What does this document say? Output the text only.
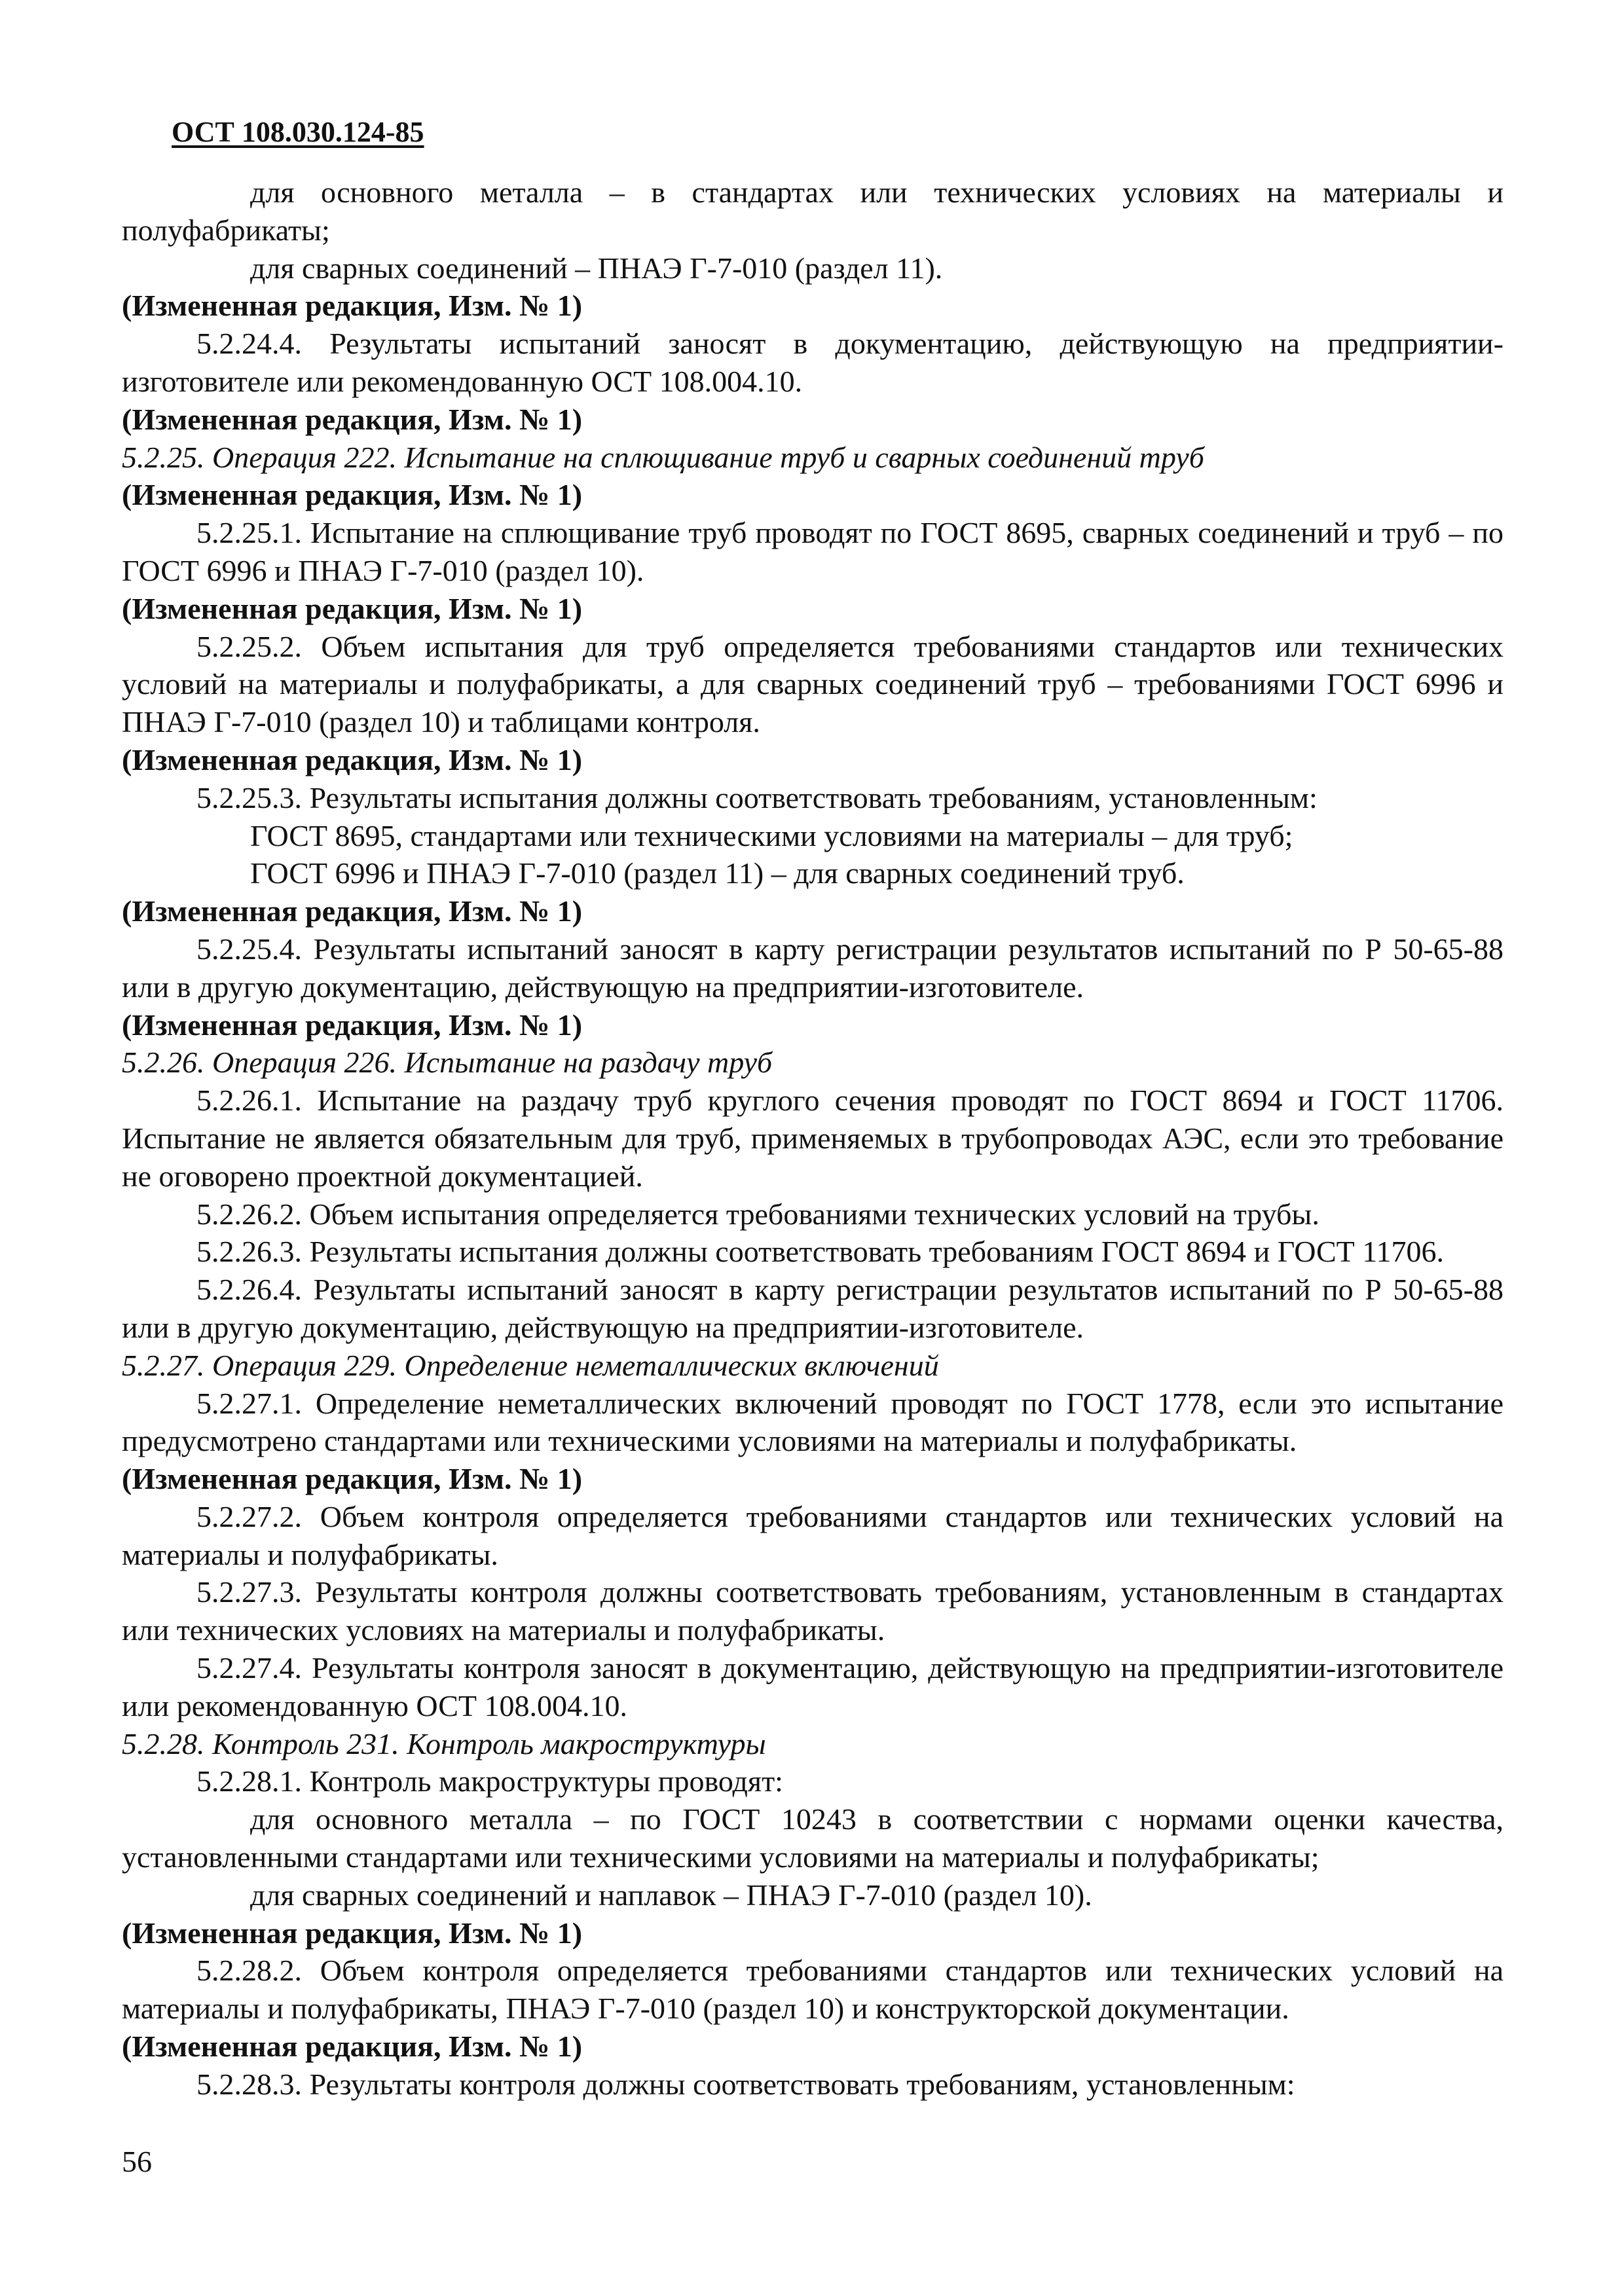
ОСТ 108.030.124-85

для основного металла – в стандартах или технических условиях на материалы и полуфабрикаты;

для сварных соединений – ПНАЭ Г-7-010 (раздел 11).

(Измененная редакция, Изм. № 1)

5.2.24.4. Результаты испытаний заносят в документацию, действующую на предприятии-изготовителе или рекомендованную ОСТ 108.004.10.

(Измененная редакция, Изм. № 1)

5.2.25. Операция 222. Испытание на сплющивание труб и сварных соединений труб

(Измененная редакция, Изм. № 1)

5.2.25.1. Испытание на сплющивание труб проводят по ГОСТ 8695, сварных соединений и труб – по ГОСТ 6996 и ПНАЭ Г-7-010 (раздел 10).

(Измененная редакция, Изм. № 1)

5.2.25.2. Объем испытания для труб определяется требованиями стандартов или технических условий на материалы и полуфабрикаты, а для сварных соединений труб – требованиями ГОСТ 6996 и ПНАЭ Г-7-010 (раздел 10) и таблицами контроля.

(Измененная редакция, Изм. № 1)

5.2.25.3. Результаты испытания должны соответствовать требованиям, установленным:

ГОСТ 8695, стандартами или техническими условиями на материалы – для труб;

ГОСТ 6996 и ПНАЭ Г-7-010 (раздел 11) – для сварных соединений труб.

(Измененная редакция, Изм. № 1)

5.2.25.4. Результаты испытаний заносят в карту регистрации результатов испытаний по Р 50-65-88 или в другую документацию, действующую на предприятии-изготовителе.

(Измененная редакция, Изм. № 1)

5.2.26. Операция 226. Испытание на раздачу труб

5.2.26.1. Испытание на раздачу труб круглого сечения проводят по ГОСТ 8694 и ГОСТ 11706. Испытание не является обязательным для труб, применяемых в трубопроводах АЭС, если это требование не оговорено проектной документацией.

5.2.26.2. Объем испытания определяется требованиями технических условий на трубы.

5.2.26.3. Результаты испытания должны соответствовать требованиям ГОСТ 8694 и ГОСТ 11706.

5.2.26.4. Результаты испытаний заносят в карту регистрации результатов испытаний по Р 50-65-88 или в другую документацию, действующую на предприятии-изготовителе.

5.2.27. Операция 229. Определение неметаллических включений

5.2.27.1. Определение неметаллических включений проводят по ГОСТ 1778, если это испытание предусмотрено стандартами или техническими условиями на материалы и полуфабрикаты.

(Измененная редакция, Изм. № 1)

5.2.27.2. Объем контроля определяется требованиями стандартов или технических условий на материалы и полуфабрикаты.

5.2.27.3. Результаты контроля должны соответствовать требованиям, установленным в стандартах или технических условиях на материалы и полуфабрикаты.

5.2.27.4. Результаты контроля заносят в документацию, действующую на предприятии-изготовителе или рекомендованную ОСТ 108.004.10.

5.2.28. Контроль 231. Контроль макроструктуры

5.2.28.1. Контроль макроструктуры проводят:

для основного металла – по ГОСТ 10243 в соответствии с нормами оценки качества, установленными стандартами или техническими условиями на материалы и полуфабрикаты;

для сварных соединений и наплавок – ПНАЭ Г-7-010 (раздел 10).

(Измененная редакция, Изм. № 1)

5.2.28.2. Объем контроля определяется требованиями стандартов или технических условий на материалы и полуфабрикаты, ПНАЭ Г-7-010 (раздел 10) и конструкторской документации.

(Измененная редакция, Изм. № 1)

5.2.28.3. Результаты контроля должны соответствовать требованиям, установленным:

56
